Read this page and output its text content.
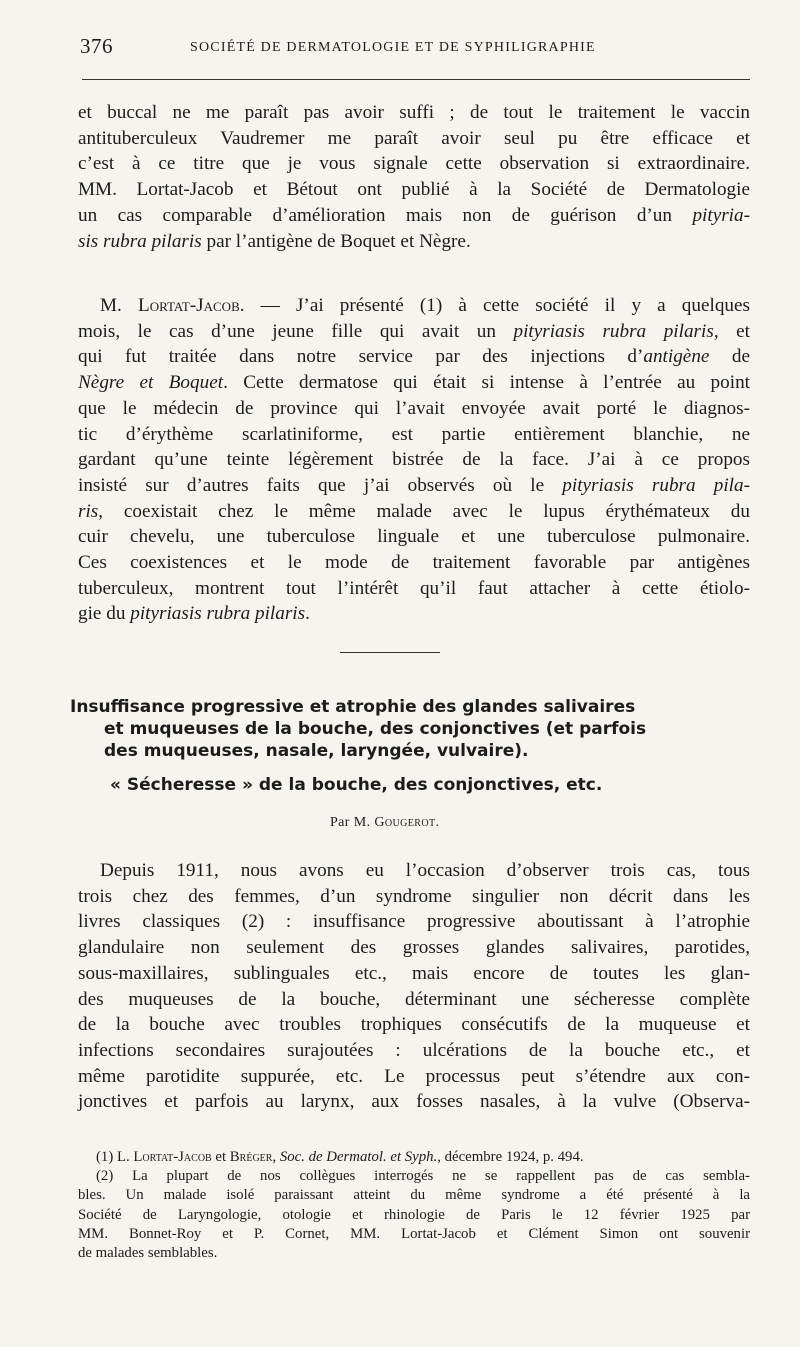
376	SOCIÉTÉ DE DERMATOLOGIE ET DE SYPHILIGRAPHIE
et buccal ne me paraît pas avoir suffi ; de tout le traitement le vaccin
antituberculeux Vaudremer me paraît avoir seul pu être efficace et
c’est à ce titre que je vous signale cette observation si extraordinaire.
MM. Lortat-Jacob et Bétout ont publié à la Société de Dermatologie
un cas comparable d’amélioration mais non de guérison d’un pityria-
sis rubra pilaris par l’antigène de Boquet et Nègre.
M. Lortat-Jacob. — J’ai présenté (1) à cette société il y a quelques
mois, le cas d’une jeune fille qui avait un pityriasis rubra pilaris, et
qui fut traitée dans notre service par des injections d’antigène de
Nègre et Boquet. Cette dermatose qui était si intense à l’entrée au point
que le médecin de province qui l’avait envoyée avait porté le diagnos-
tic d’érythème scarlatiniforme, est partie entièrement blanchie, ne
gardant qu’une teinte légèrement bistrée de la face. J’ai à ce propos
insisté sur d’autres faits que j’ai observés où le pityriasis rubra pila-
ris, coexistait chez le même malade avec le lupus érythémateux du
cuir chevelu, une tuberculose linguale et une tuberculose pulmonaire.
Ces coexistences et le mode de traitement favorable par antigènes
tuberculeux, montrent tout l’intérêt qu’il faut attacher à cette étiolo-
gie du pityriasis rubra pilaris.
Insuffisance progressive et atrophie des glandes salivaires
et muqueuses de la bouche, des conjonctives (et parfois
des muqueuses, nasale, laryngée, vulvaire).
« Sécheresse » de la bouche, des conjonctives, etc.

Par M. Gougerot.

Depuis 1911, nous avons eu l’occasion d’observer trois cas, tous
trois chez des femmes, d’un syndrome singulier non décrit dans les
livres classiques (2) : insuffisance progressive aboutissant à l’atrophie
glandulaire non seulement des grosses glandes salivaires, parotides,
sous-maxillaires, sublinguales etc., mais encore de toutes les glan-
des muqueuses de la bouche, déterminant une sécheresse complète
de la bouche avec troubles trophiques consécutifs de la muqueuse et
infections secondaires surajoutées : ulcérations de la bouche etc., et
même parotidite suppurée, etc. Le processus peut s’étendre aux con-
jonctives et parfois au larynx, aux fosses nasales, à la vulve (Observa-
(1) L. Lortat-Jacob et Bréger, Soc. de Dermatol. et Syph., décembre 1924, p. 494.
(2) La plupart de nos collègues interrogés ne se rappellent pas de cas sembla-
bles. Un malade isolé paraissant atteint du même syndrome a été présenté à la
Société de Laryngologie, otologie et rhinologie de Paris le 12 février 1925 par
MM. Bonnet-Roy et P. Cornet, MM. Lortat-Jacob et Clément Simon ont souvenir
de malades semblables.
